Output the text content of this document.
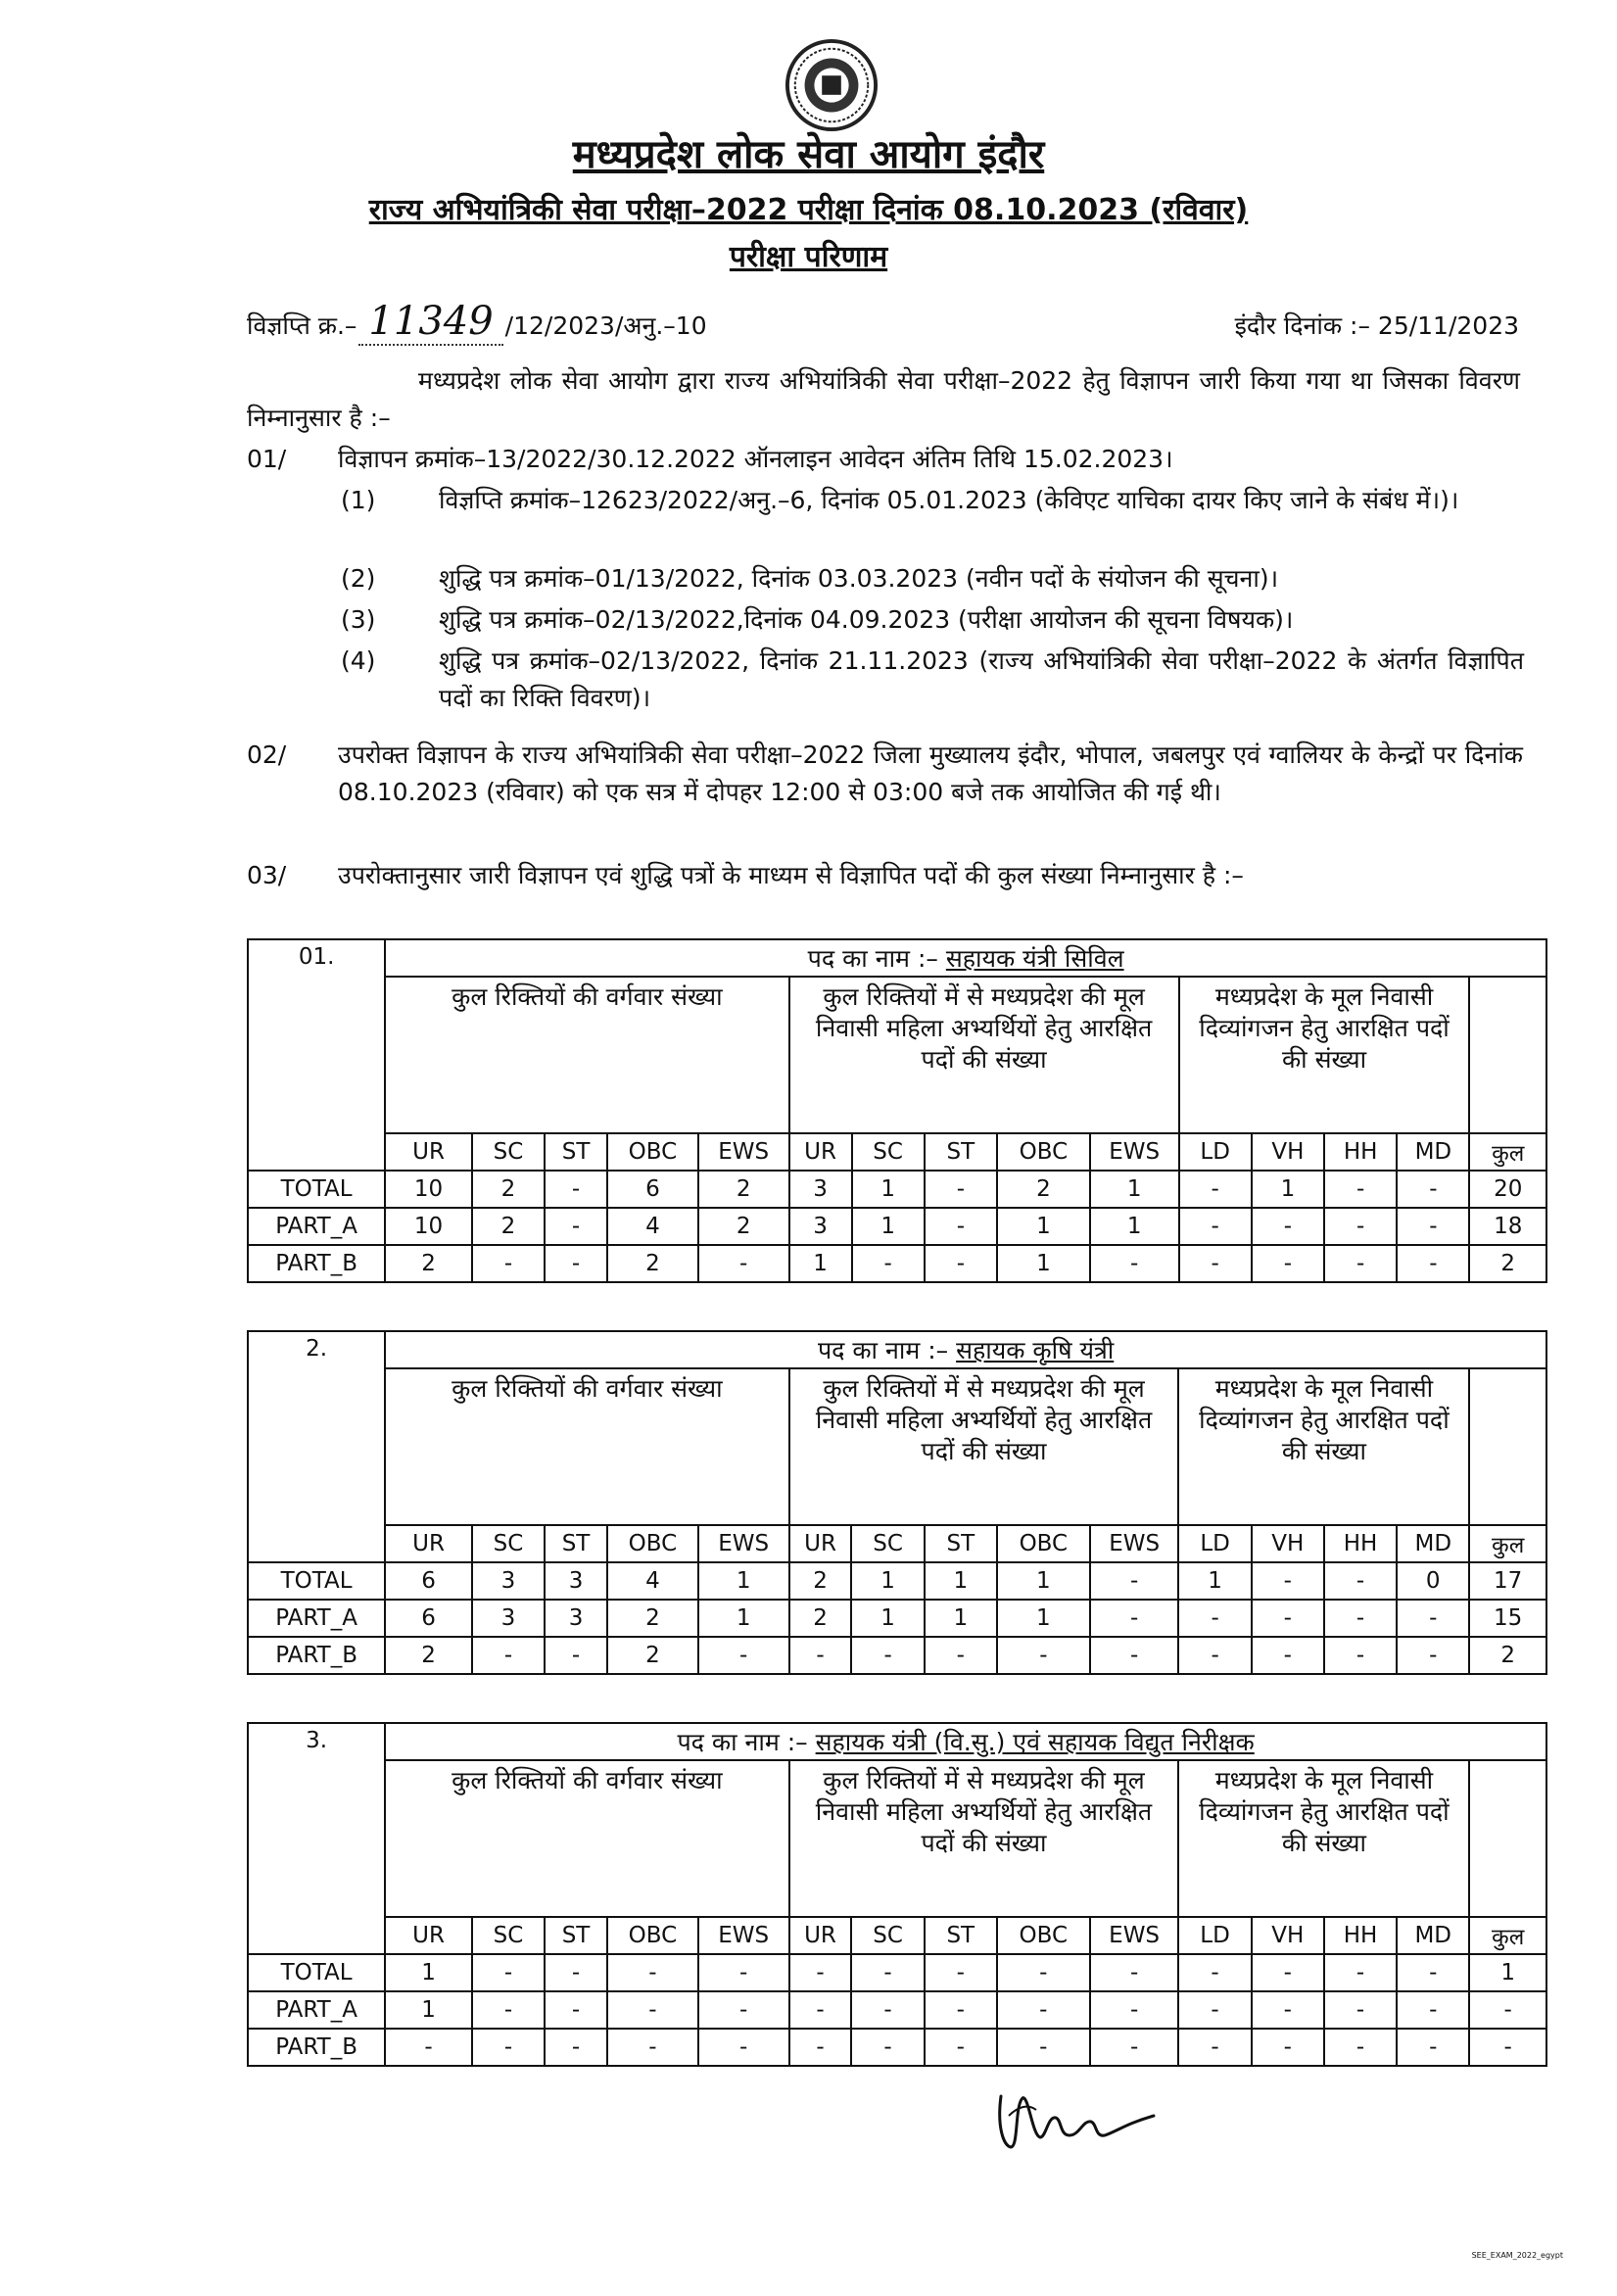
मध्यप्रदेश लोक सेवा आयोग इंदौर
राज्य अभियांत्रिकी सेवा परीक्षा–2022 परीक्षा दिनांक 08.10.2023 (रविवार)
परीक्षा परिणाम
विज्ञप्ति क्र.– 11349 /12/2023/अनु.–10	इंदौर दिनांक :– 25/11/2023
मध्यप्रदेश लोक सेवा आयोग द्वारा राज्य अभियांत्रिकी सेवा परीक्षा–2022 हेतु विज्ञापन जारी किया गया था जिसका विवरण निम्नानुसार है :–
01/ विज्ञापन क्रमांक–13/2022/30.12.2022 ऑनलाइन आवेदन अंतिम तिथि 15.02.2023।
(1)	विज्ञप्ति क्रमांक–12623/2022/अनु.–6, दिनांक 05.01.2023 (केविएट याचिका दायर किए जाने के संबंध में।)।
(2)	शुद्धि पत्र क्रमांक–01/13/2022, दिनांक 03.03.2023 (नवीन पदों के संयोजन की सूचना)।
(3)	शुद्धि पत्र क्रमांक–02/13/2022,दिनांक 04.09.2023 (परीक्षा आयोजन की सूचना विषयक)।
(4)	शुद्धि पत्र क्रमांक–02/13/2022, दिनांक 21.11.2023 (राज्य अभियांत्रिकी सेवा परीक्षा–2022 के अंतर्गत विज्ञापित पदों का रिक्ति विवरण)।
02/ उपरोक्त विज्ञापन के राज्य अभियांत्रिकी सेवा परीक्षा–2022 जिला मुख्यालय इंदौर, भोपाल, जबलपुर एवं ग्वालियर के केन्द्रों पर दिनांक 08.10.2023 (रविवार) को एक सत्र में दोपहर 12:00 से 03:00 बजे तक आयोजित की गई थी।
03/ उपरोक्तानुसार जारी विज्ञापन एवं शुद्धि पत्रों के माध्यम से विज्ञापित पदों की कुल संख्या निम्नानुसार है :–
01.	पद का नाम :– सहायक यंत्री सिविल														
	कुल रिक्तियों की वर्गवार संख्या					कुल रिक्तियों में से मध्यप्रदेश की मूल निवासी महिला अभ्यर्थियों हेतु आरक्षित पदों की संख्या					मध्यप्रदेश के मूल निवासी दिव्यांगजन हेतु आरक्षित पदों की संख्या				
	UR	SC	ST	OBC	EWS	UR	SC	ST	OBC	EWS	LD	VH	HH	MD	कुल
TOTAL	10	2	-	6	2	3	1	-	2	1	-	1	-	-	20
PART_A	10	2	-	4	2	3	1	-	1	1	-	-	-	-	18
PART_B	2	-	-	2	-	1	-	-	1	-	-	-	-	-	2
2.	पद का नाम :– सहायक कृषि यंत्री														
	कुल रिक्तियों की वर्गवार संख्या					कुल रिक्तियों में से मध्यप्रदेश की मूल निवासी महिला अभ्यर्थियों हेतु आरक्षित पदों की संख्या					मध्यप्रदेश के मूल निवासी दिव्यांगजन हेतु आरक्षित पदों की संख्या				
	UR	SC	ST	OBC	EWS	UR	SC	ST	OBC	EWS	LD	VH	HH	MD	कुल
TOTAL	6	3	3	4	1	2	1	1	1	-	1	-	-	0	17
PART_A	6	3	3	2	1	2	1	1	1	-	-	-	-	-	15
PART_B	2	-	-	2	-	-	-	-	-	-	-	-	-	-	2
3.	पद का नाम :– सहायक यंत्री (वि.सु.) एवं सहायक विद्युत निरीक्षक														
	कुल रिक्तियों की वर्गवार संख्या					कुल रिक्तियों में से मध्यप्रदेश की मूल निवासी महिला अभ्यर्थियों हेतु आरक्षित पदों की संख्या					मध्यप्रदेश के मूल निवासी दिव्यांगजन हेतु आरक्षित पदों की संख्या				
	UR	SC	ST	OBC	EWS	UR	SC	ST	OBC	EWS	LD	VH	HH	MD	कुल
TOTAL	1	-	-	-	-	-	-	-	-	-	-	-	-	-	1
PART_A	1	-	-	-	-	-	-	-	-	-	-	-	-	-	-
PART_B	-	-	-	-	-	-	-	-	-	-	-	-	-	-	-
SEE_EXAM_2022_egypt
